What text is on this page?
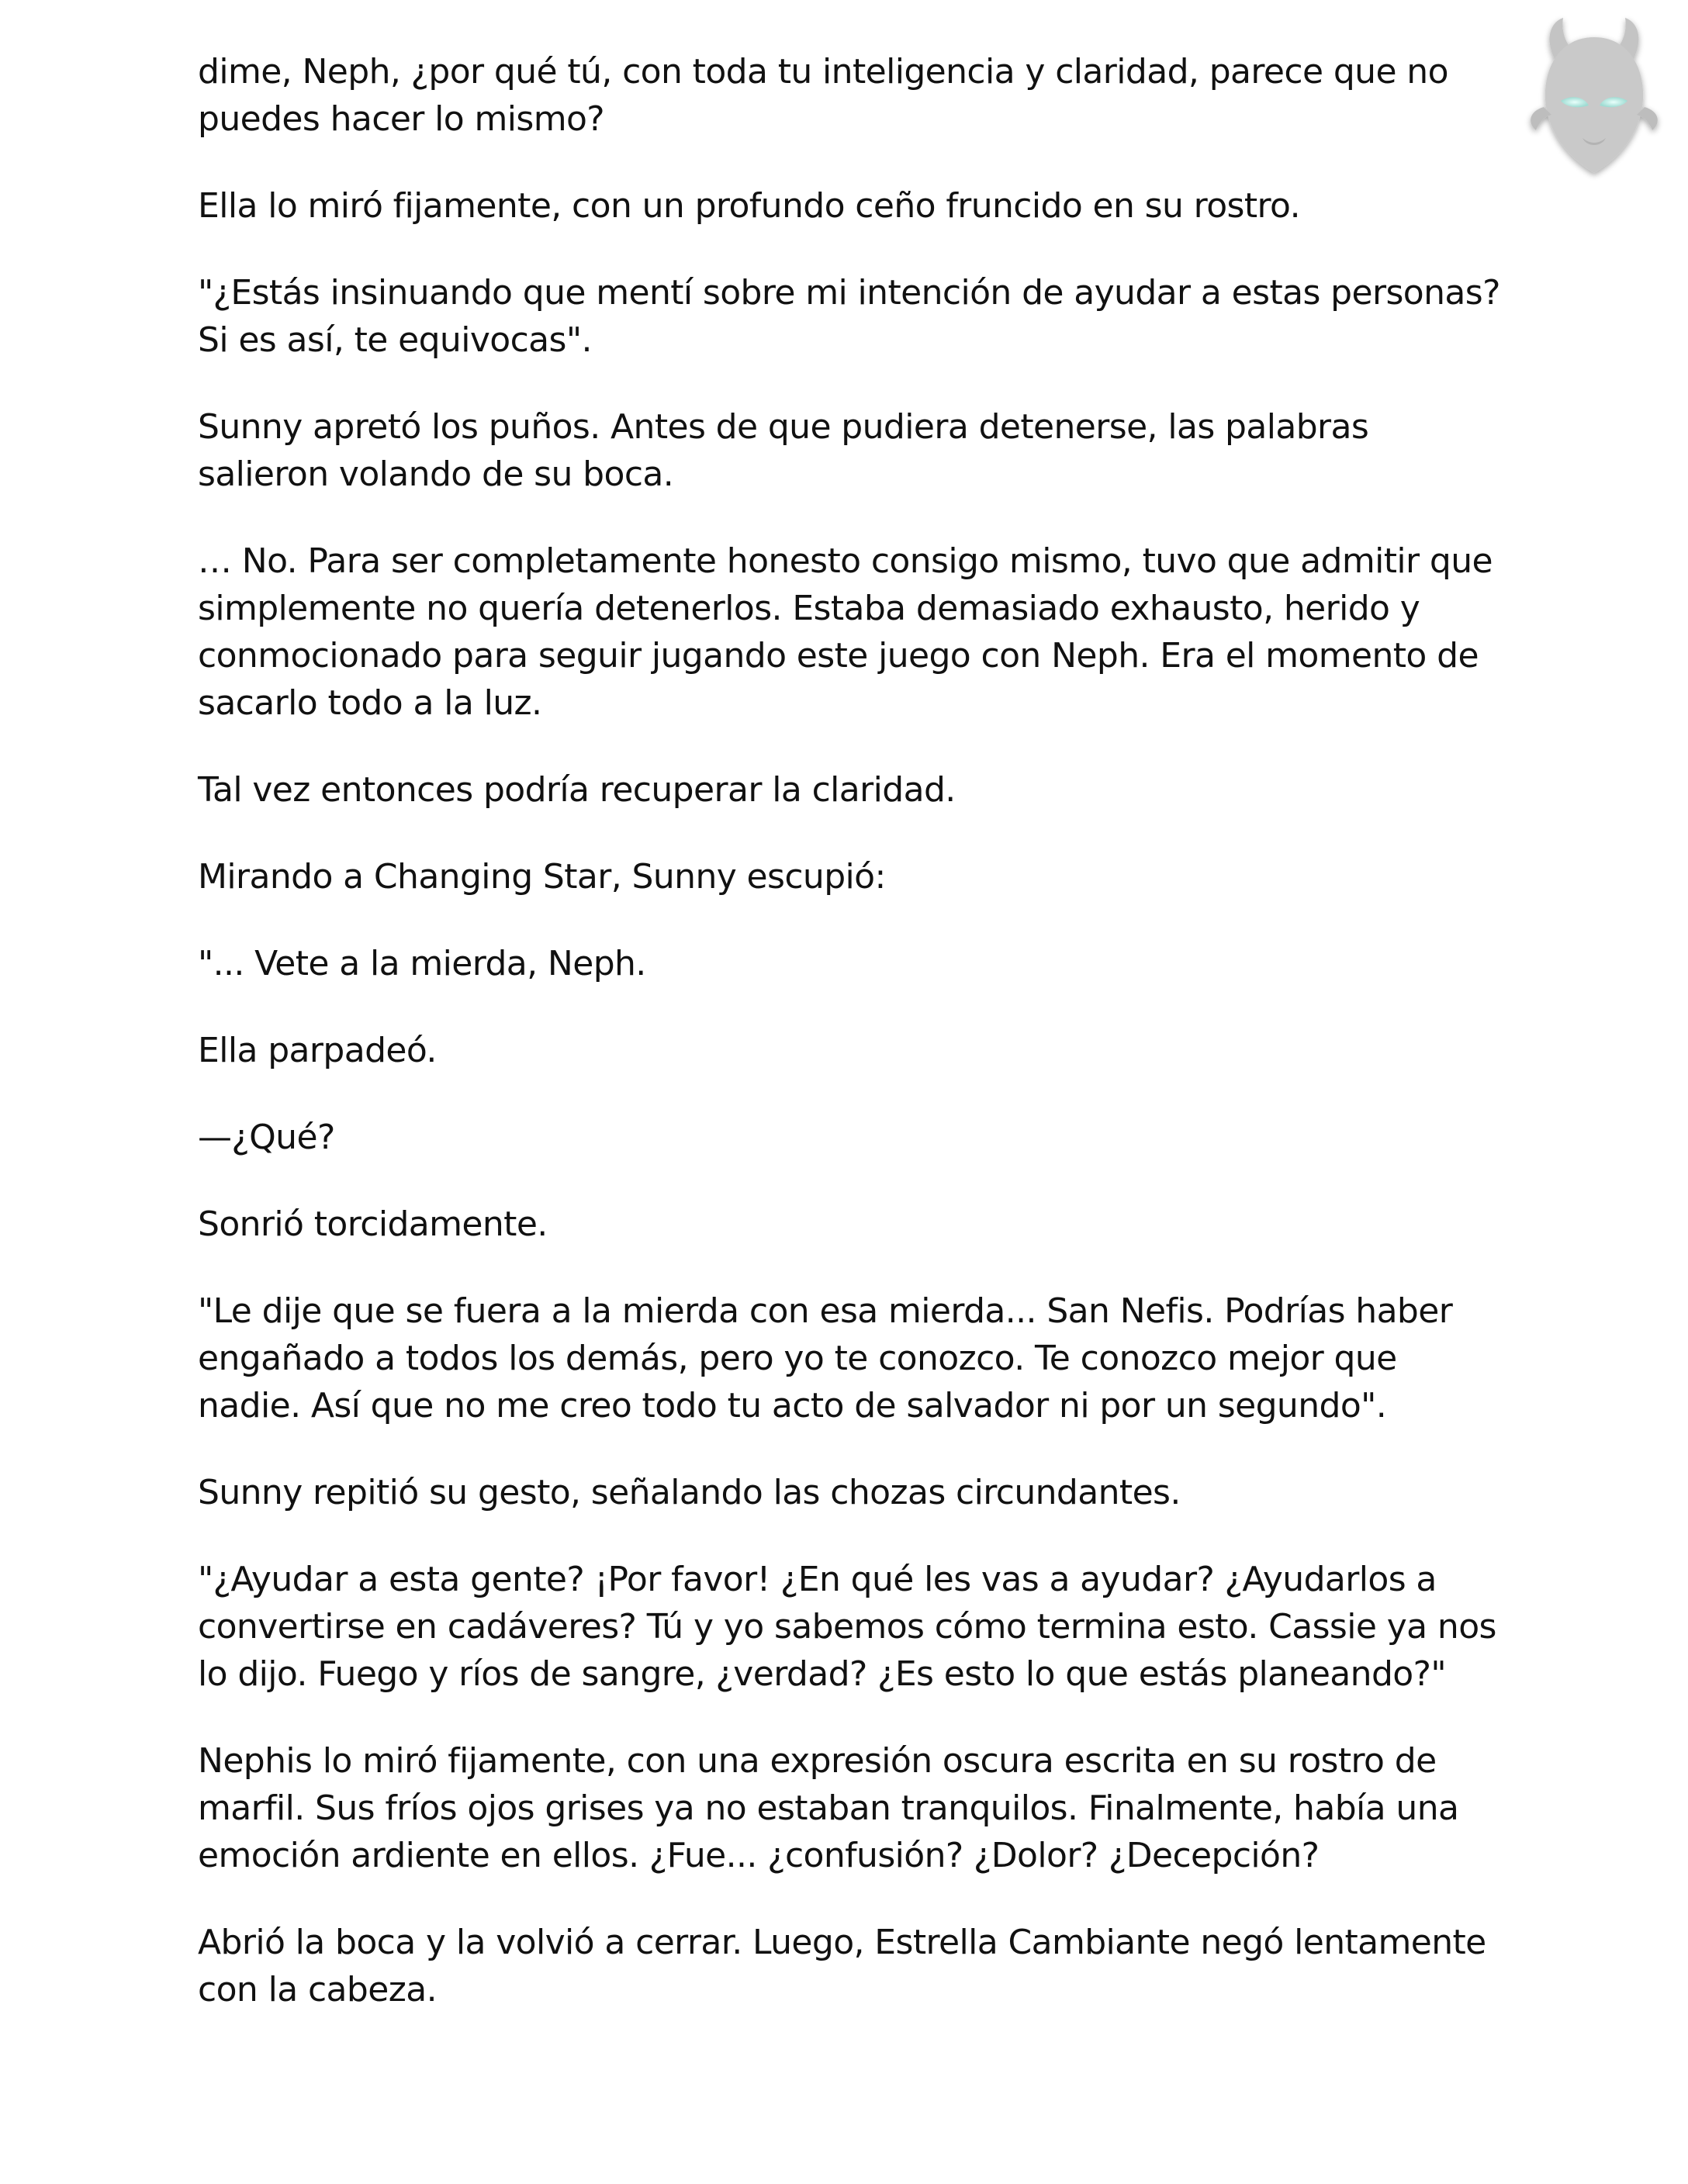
dime, Neph, ¿por qué tú, con toda tu inteligencia y claridad, parece que no puedes hacer lo mismo?

Ella lo miró fijamente, con un profundo ceño fruncido en su rostro.

"¿Estás insinuando que mentí sobre mi intención de ayudar a estas personas? Si es así, te equivocas".

Sunny apretó los puños. Antes de que pudiera detenerse, las palabras salieron volando de su boca.

… No. Para ser completamente honesto consigo mismo, tuvo que admitir que simplemente no quería detenerlos. Estaba demasiado exhausto, herido y conmocionado para seguir jugando este juego con Neph. Era el momento de sacarlo todo a la luz.

Tal vez entonces podría recuperar la claridad.

Mirando a Changing Star, Sunny escupió:

"... Vete a la mierda, Neph.

Ella parpadeó.

—¿Qué?

Sonrió torcidamente.

"Le dije que se fuera a la mierda con esa mierda... San Nefis. Podrías haber engañado a todos los demás, pero yo te conozco. Te conozco mejor que nadie. Así que no me creo todo tu acto de salvador ni por un segundo".

Sunny repitió su gesto, señalando las chozas circundantes.

"¿Ayudar a esta gente? ¡Por favor! ¿En qué les vas a ayudar? ¿Ayudarlos a convertirse en cadáveres? Tú y yo sabemos cómo termina esto. Cassie ya nos lo dijo. Fuego y ríos de sangre, ¿verdad? ¿Es esto lo que estás planeando?"

Nephis lo miró fijamente, con una expresión oscura escrita en su rostro de marfil. Sus fríos ojos grises ya no estaban tranquilos. Finalmente, había una emoción ardiente en ellos. ¿Fue... ¿confusión? ¿Dolor? ¿Decepción?

Abrió la boca y la volvió a cerrar. Luego, Estrella Cambiante negó lentamente con la cabeza.
